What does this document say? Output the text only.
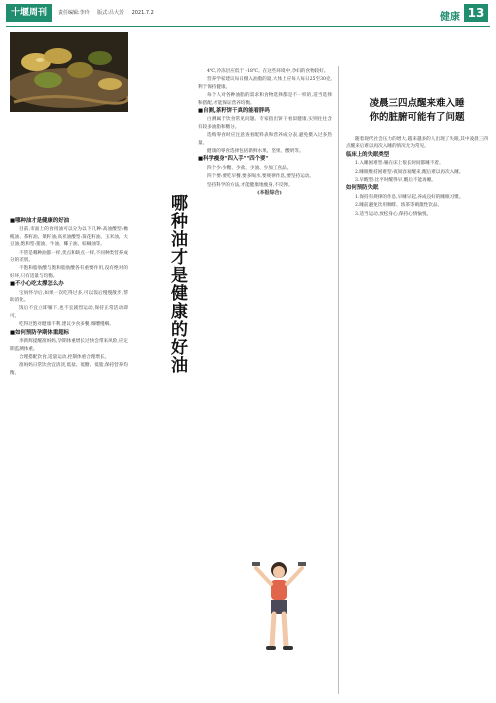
十堰周刊	责任编辑:李玲 版式:吕大芳 2021.7.2	健康 13

■哪种油才是健康的好油

目前,市面上的食用油可以分为以下几种:高油酸型:橄榄油、茶籽油、菜籽油;高亚油酸型:葵花籽油、玉米油、大豆油;饱和型:猪油、牛油、椰子油、棕榈油等。

不管是哪种油都一样,优点和缺点一样,不同种类营养成分的差别。

不饱和脂肪酸与饱和脂肪酸各有重要作用,没有绝对的好坏,只有适量与均衡。

■不小心吃太撑怎么办

宝妈怀孕后,如果一次吃得过多,可以饭后慢慢散步,帮助消化。

饭后不宜立即躺下,也不宜剧烈运动,保持正常活动即可。

吃得过饱对健康不利,建议少食多餐,细嚼慢咽。

■如何预防孕期体重超标

李新辉提醒准妈妈,孕期体重增长过快会带来风险,应定期监测体重。

合理搭配饮食,适量运动,控制体重合理增长。

准妈妈日常饮食宜清淡,低盐、低糖、低脂,保持营养均衡。	哪种油才是健康的好油

4℃,冷冻层应低于 -18℃。在这些环境中,孕妇的食物较好。

营养学家建议每日摄入油脂的量,大体上应每人每日25至30克,利于保持健康。

每个人对各种油脂的需求和食物选择都是不一样的,适当选择和搭配,才能保证营养均衡。

■自测,茶籽饼干真的能看胖吗

白测属于饮食常见问题。专家指出饼干看似健康,实则往往含有较多油脂和糖分。

选购零食时应注意查看配料表和营养成分表,避免摄入过多热量。

健康的零食选择包括新鲜水果、坚果、酸奶等。

■科学瘦身"四入手""四个要"

四个少:少糖、少盐、少油、少加工食品。

四个要:要吃早餐,要多喝水,要规律作息,要坚持运动。

坚持科学的方法,才能健康地瘦身,不反弹。

(本报综合)

凌晨三四点醒来难入睡
你的脏腑可能有了问题

随着现代社会压力的增大,越来越多的人出现了失眠,其中凌晨三四点醒来后难以再次入睡的情况尤为常见。

临床上的失眠类型

1.入睡困难型:躺在床上很长时间都睡不着。

2.睡眠维持困难型:夜间容易醒来,醒后难以再次入睡。

3.早醒型:比平时醒得早,醒后不能再睡。

如何预防失眠

1.保持有规律的作息,早睡早起,养成良好的睡眠习惯。

2.睡前避免饮用咖啡、浓茶等刺激性饮品。

3.适当运动,放松身心,保持心情愉悦。
